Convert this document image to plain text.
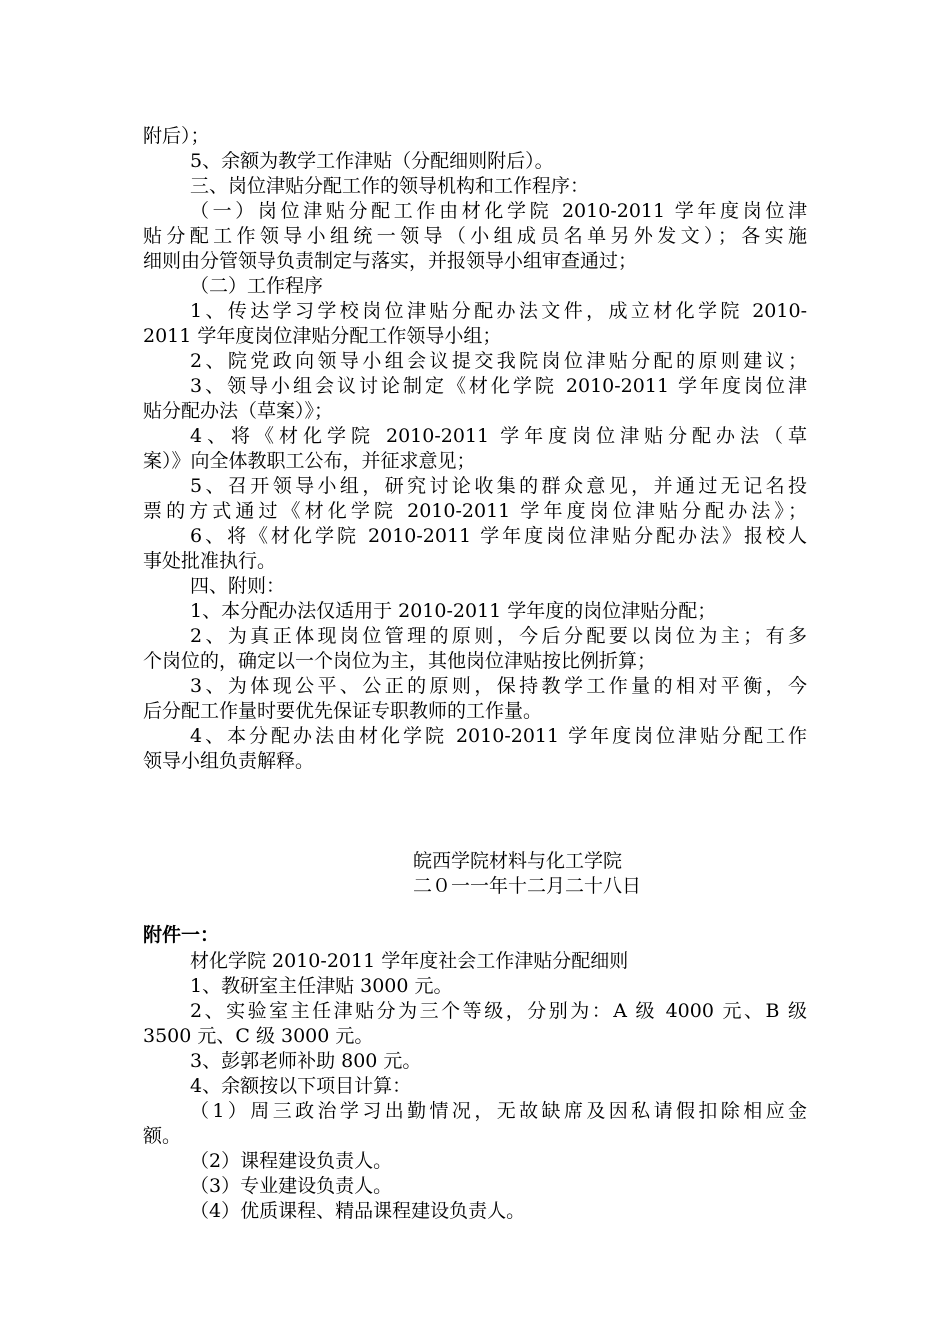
附后）；
5、余额为教学工作津贴（分配细则附后）。
三、岗位津贴分配工作的领导机构和工作程序：
（一）岗位津贴分配工作由材化学院 2010-2011 学年度岗位津
贴分配工作领导小组统一领导（小组成员名单另外发文）；各实施
细则由分管领导负责制定与落实，并报领导小组审查通过；
（二）工作程序
1、传达学习学校岗位津贴分配办法文件，成立材化学院 2010-
2011 学年度岗位津贴分配工作领导小组；
2、院党政向领导小组会议提交我院岗位津贴分配的原则建议；
3、领导小组会议讨论制定《材化学院 2010-2011 学年度岗位津
贴分配办法（草案）》；
4、将《材化学院 2010-2011 学年度岗位津贴分配办法（草
案）》向全体教职工公布，并征求意见；
5、召开领导小组，研究讨论收集的群众意见，并通过无记名投
票的方式通过《材化学院 2010-2011 学年度岗位津贴分配办法》；
6、将《材化学院 2010-2011 学年度岗位津贴分配办法》报校人
事处批准执行。
四、附则：
1、本分配办法仅适用于 2010-2011 学年度的岗位津贴分配；
2、为真正体现岗位管理的原则，今后分配要以岗位为主；有多
个岗位的，确定以一个岗位为主，其他岗位津贴按比例折算；
3、为体现公平、公正的原则，保持教学工作量的相对平衡，今
后分配工作量时要优先保证专职教师的工作量。
4、本分配办法由材化学院 2010-2011 学年度岗位津贴分配工作
领导小组负责解释。
皖西学院材料与化工学院
二０一一年十二月二十八日
附件一：
材化学院 2010-2011 学年度社会工作津贴分配细则
1、教研室主任津贴 3000 元。
2、实验室主任津贴分为三个等级，分别为：A 级 4000 元、B 级
3500 元、C 级 3000 元。
3、彭郭老师补助 800 元。
4、余额按以下项目计算：
（1）周三政治学习出勤情况，无故缺席及因私请假扣除相应金
额。
（2）课程建设负责人。
（3）专业建设负责人。
（4）优质课程、精品课程建设负责人。
